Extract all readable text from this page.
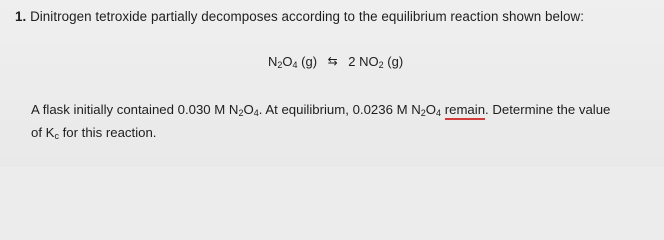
1. Dinitrogen tetroxide partially decomposes according to the equilibrium reaction shown below:
$N_2O_4$ (g) ⇆ 2 $NO_2$ (g)
A flask initially contained 0.030 M $N_2O_4$. At equilibrium, 0.0236 M $N_2O_4$ remain. Determine the value
of $K_c$ for this reaction.
